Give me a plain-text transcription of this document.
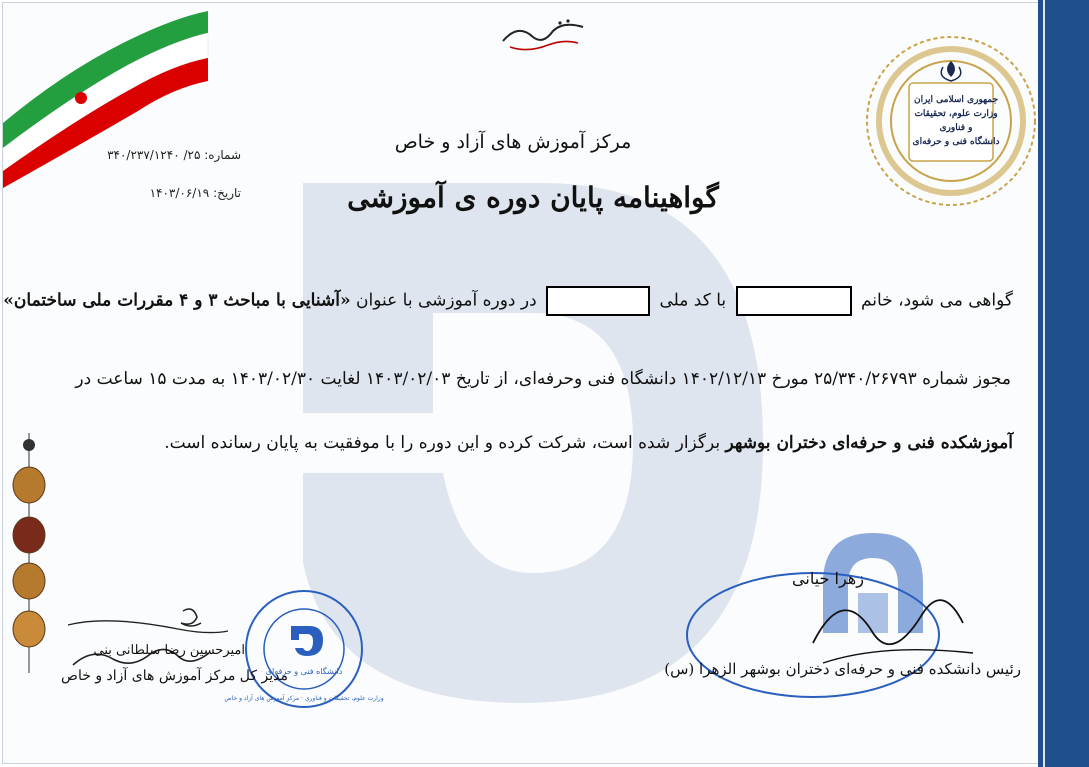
جمهوری اسلامی ایران
وزارت علوم، تحقیقات و فناوری
دانشگاه فنی و حرفه‌ای
مرکز آموزش های آزاد و خاص
شماره: ۲۵/ ۳۴۰/۲۳۷/۱۲۴۰
تاریخ: ۱۴۰۳/۰۶/۱۹	گواهینامه پایان دوره ی آموزشی
گواهی می شود، خانم  با کد ملی  در دوره آموزشی با عنوان «آشنایی با مباحث ۳ و ۴ مقررات ملی ساختمان»
مجوز شماره ۲۵/۳۴۰/۲۶۷۹۳ مورخ ۱۴۰۲/۱۲/۱۳ دانشگاه فنی وحرفه‌ای، از تاریخ ۱۴۰۳/۰۲/۰۳ لغایت ۱۴۰۳/۰۲/۳۰ به مدت ۱۵ ساعت در
آموزشکده فنی و حرفه‌ای دختران بوشهر برگزار شده است، شرکت کرده و این دوره را با موفقیت به پایان رسانده است.
دانشگاه فنی و حرفه‌ای
وزارت علوم، تحقیقات و فناوری · مرکز آموزش های آزاد و خاص
امیرحسین رضا سلطانی بنی
مدیر کل مرکز آموزش های آزاد و خاص
زهرا حیانی
رئیس دانشکده فنی و حرفه‌ای دختران بوشهر الزهرا (س)
